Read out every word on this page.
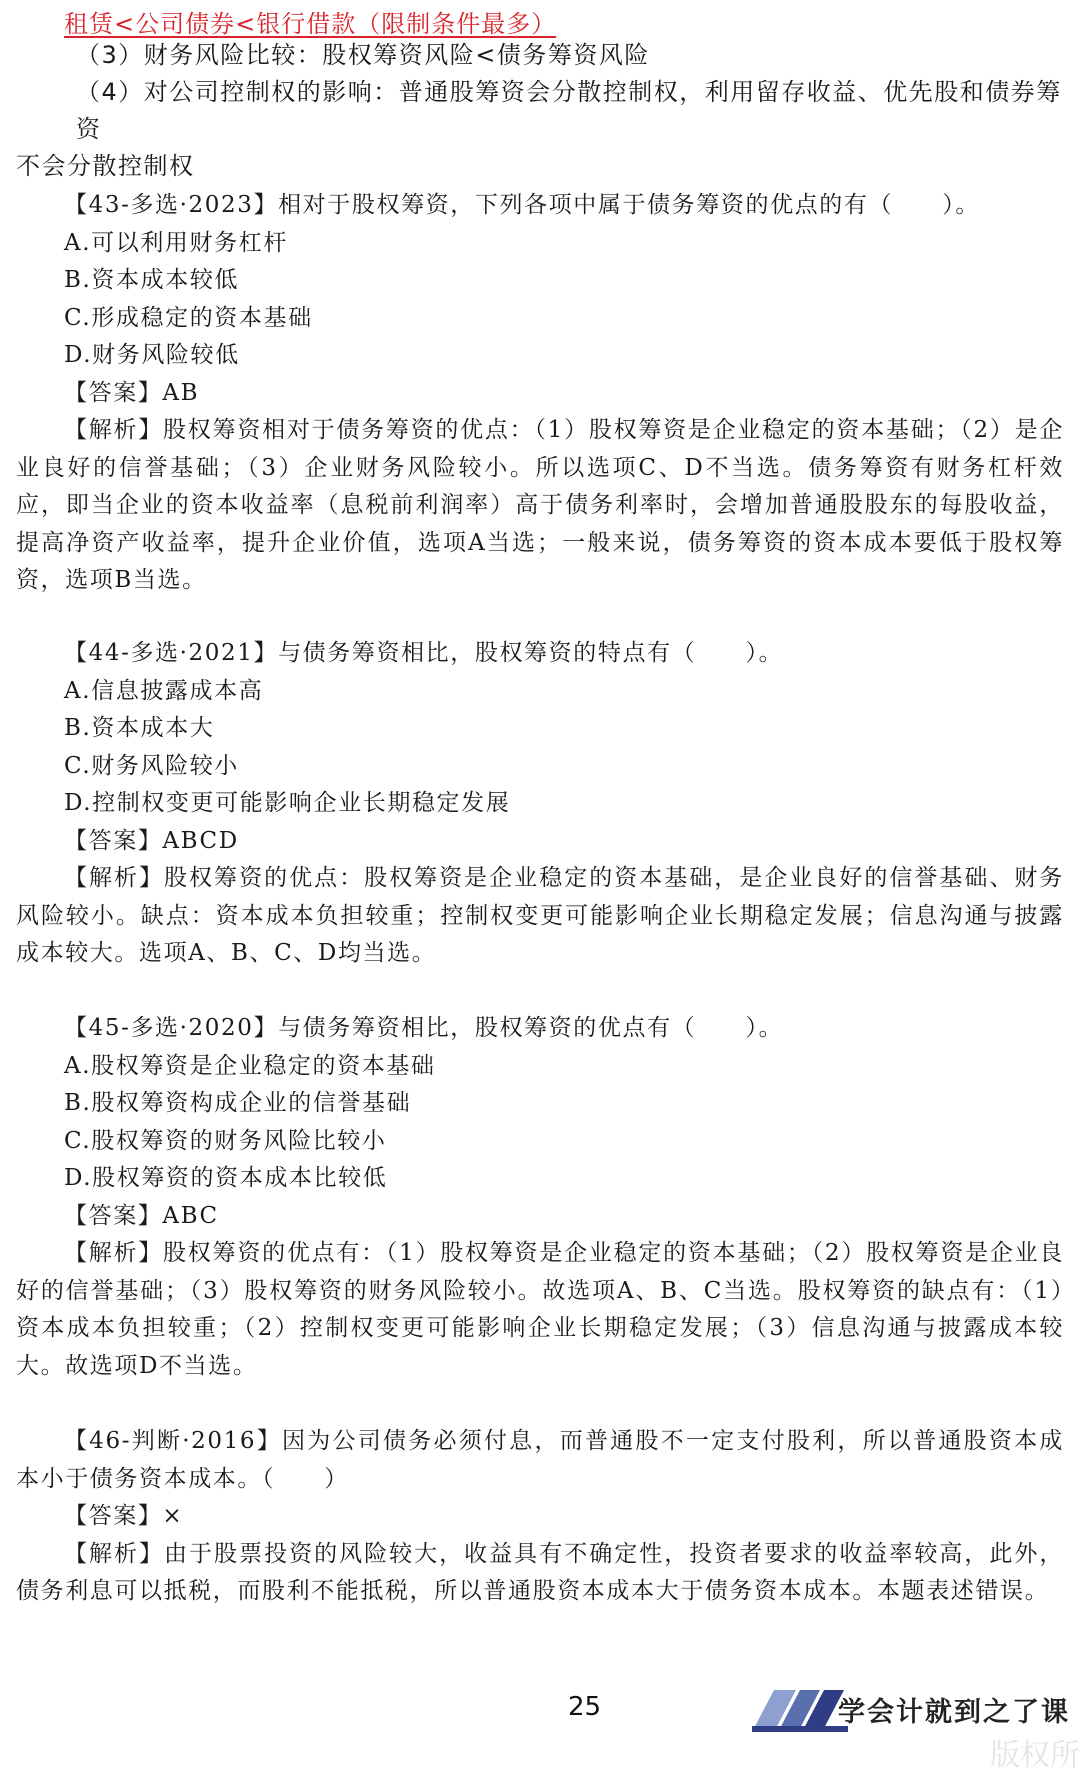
租赁<公司债券<银行借款（限制条件最多）
（3）财务风险比较：股权筹资风险<债务筹资风险
（4）对公司控制权的影响：普通股筹资会分散控制权，利用留存收益、优先股和债券筹资
不会分散控制权
【43-多选·2023】相对于股权筹资，下列各项中属于债务筹资的优点的有（　　）。
A.可以利用财务杠杆
B.资本成本较低
C.形成稳定的资本基础
D.财务风险较低
【答案】AB
【解析】股权筹资相对于债务筹资的优点：（1）股权筹资是企业稳定的资本基础；（2）是企业良好的信誉基础；（3）企业财务风险较小。所以选项C、D不当选。债务筹资有财务杠杆效应，即当企业的资本收益率（息税前利润率）高于债务利率时，会增加普通股股东的每股收益，提高净资产收益率，提升企业价值，选项A当选；一般来说，债务筹资的资本成本要低于股权筹资，选项B当选。
【44-多选·2021】与债务筹资相比，股权筹资的特点有（　　）。
A.信息披露成本高
B.资本成本大
C.财务风险较小
D.控制权变更可能影响企业长期稳定发展
【答案】ABCD
【解析】股权筹资的优点：股权筹资是企业稳定的资本基础，是企业良好的信誉基础、财务风险较小。缺点：资本成本负担较重；控制权变更可能影响企业长期稳定发展；信息沟通与披露成本较大。选项A、B、C、D均当选。
【45-多选·2020】与债务筹资相比，股权筹资的优点有（　　）。
A.股权筹资是企业稳定的资本基础
B.股权筹资构成企业的信誉基础
C.股权筹资的财务风险比较小
D.股权筹资的资本成本比较低
【答案】ABC
【解析】股权筹资的优点有：（1）股权筹资是企业稳定的资本基础；（2）股权筹资是企业良好的信誉基础；（3）股权筹资的财务风险较小。故选项A、B、C当选。股权筹资的缺点有：（1）资本成本负担较重；（2）控制权变更可能影响企业长期稳定发展；（3）信息沟通与披露成本较大。故选项D不当选。
【46-判断·2016】因为公司债务必须付息，而普通股不一定支付股利，所以普通股资本成本小于债务资本成本。（　　）
【答案】×
【解析】由于股票投资的风险较大，收益具有不确定性，投资者要求的收益率较高，此外，债务利息可以抵税，而股利不能抵税，所以普通股资本成本大于债务资本成本。本题表述错误。
25	学会计就到之了课
版权所
